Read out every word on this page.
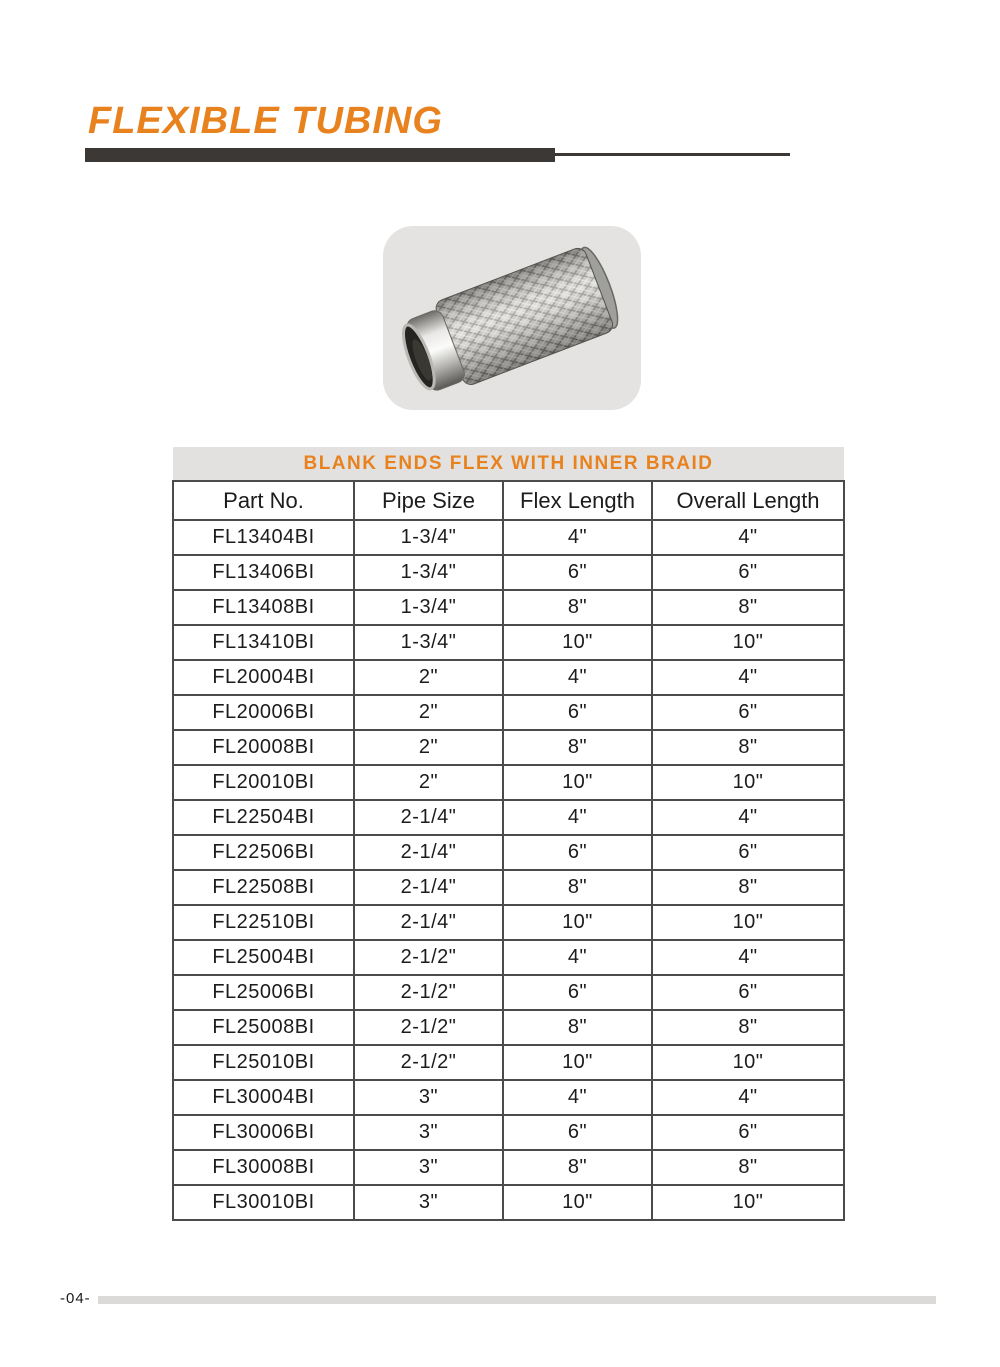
FLEXIBLE TUBING
BLANK ENDS FLEX WITH INNER BRAID			
Part No.	Pipe Size	Flex Length	Overall Length
FL13404BI	1-3/4"	4"	4"
FL13406BI	1-3/4"	6"	6"
FL13408BI	1-3/4"	8"	8"
FL13410BI	1-3/4"	10"	10"
FL20004BI	2"	4"	4"
FL20006BI	2"	6"	6"
FL20008BI	2"	8"	8"
FL20010BI	2"	10"	10"
FL22504BI	2-1/4"	4"	4"
FL22506BI	2-1/4"	6"	6"
FL22508BI	2-1/4"	8"	8"
FL22510BI	2-1/4"	10"	10"
FL25004BI	2-1/2"	4"	4"
FL25006BI	2-1/2"	6"	6"
FL25008BI	2-1/2"	8"	8"
FL25010BI	2-1/2"	10"	10"
FL30004BI	3"	4"	4"
FL30006BI	3"	6"	6"
FL30008BI	3"	8"	8"
FL30010BI	3"	10"	10"
-04-
